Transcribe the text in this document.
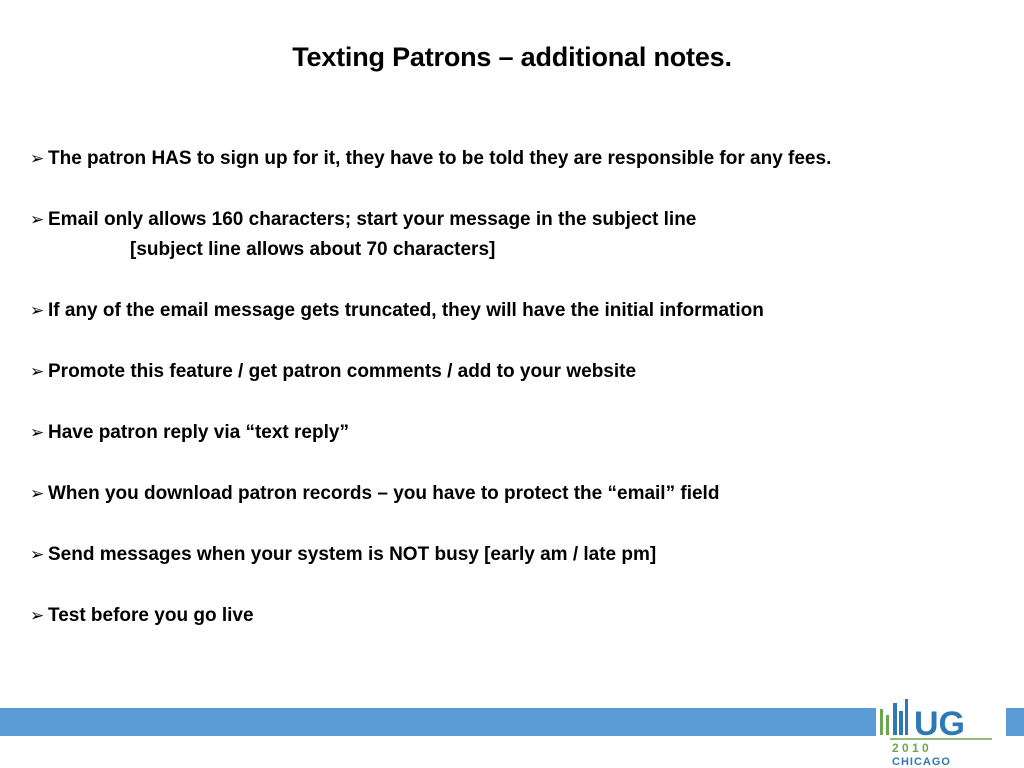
Texting Patrons – additional notes.
➢ The patron HAS to sign up for it, they have to be told they are responsible for any fees.
➢ Email only allows 160 characters; start your message in the subject line
[subject line allows about 70 characters]
➢ If any of the email message gets truncated, they will have the initial information
➢ Promote this feature / get patron comments / add to your website
➢ Have patron reply via “text reply”
➢ When you download patron records – you have to protect the “email” field
➢ Send messages when your system is NOT busy [early am / late pm]
➢ Test before you go live
UG
2 0 1 0
CHICAGO
